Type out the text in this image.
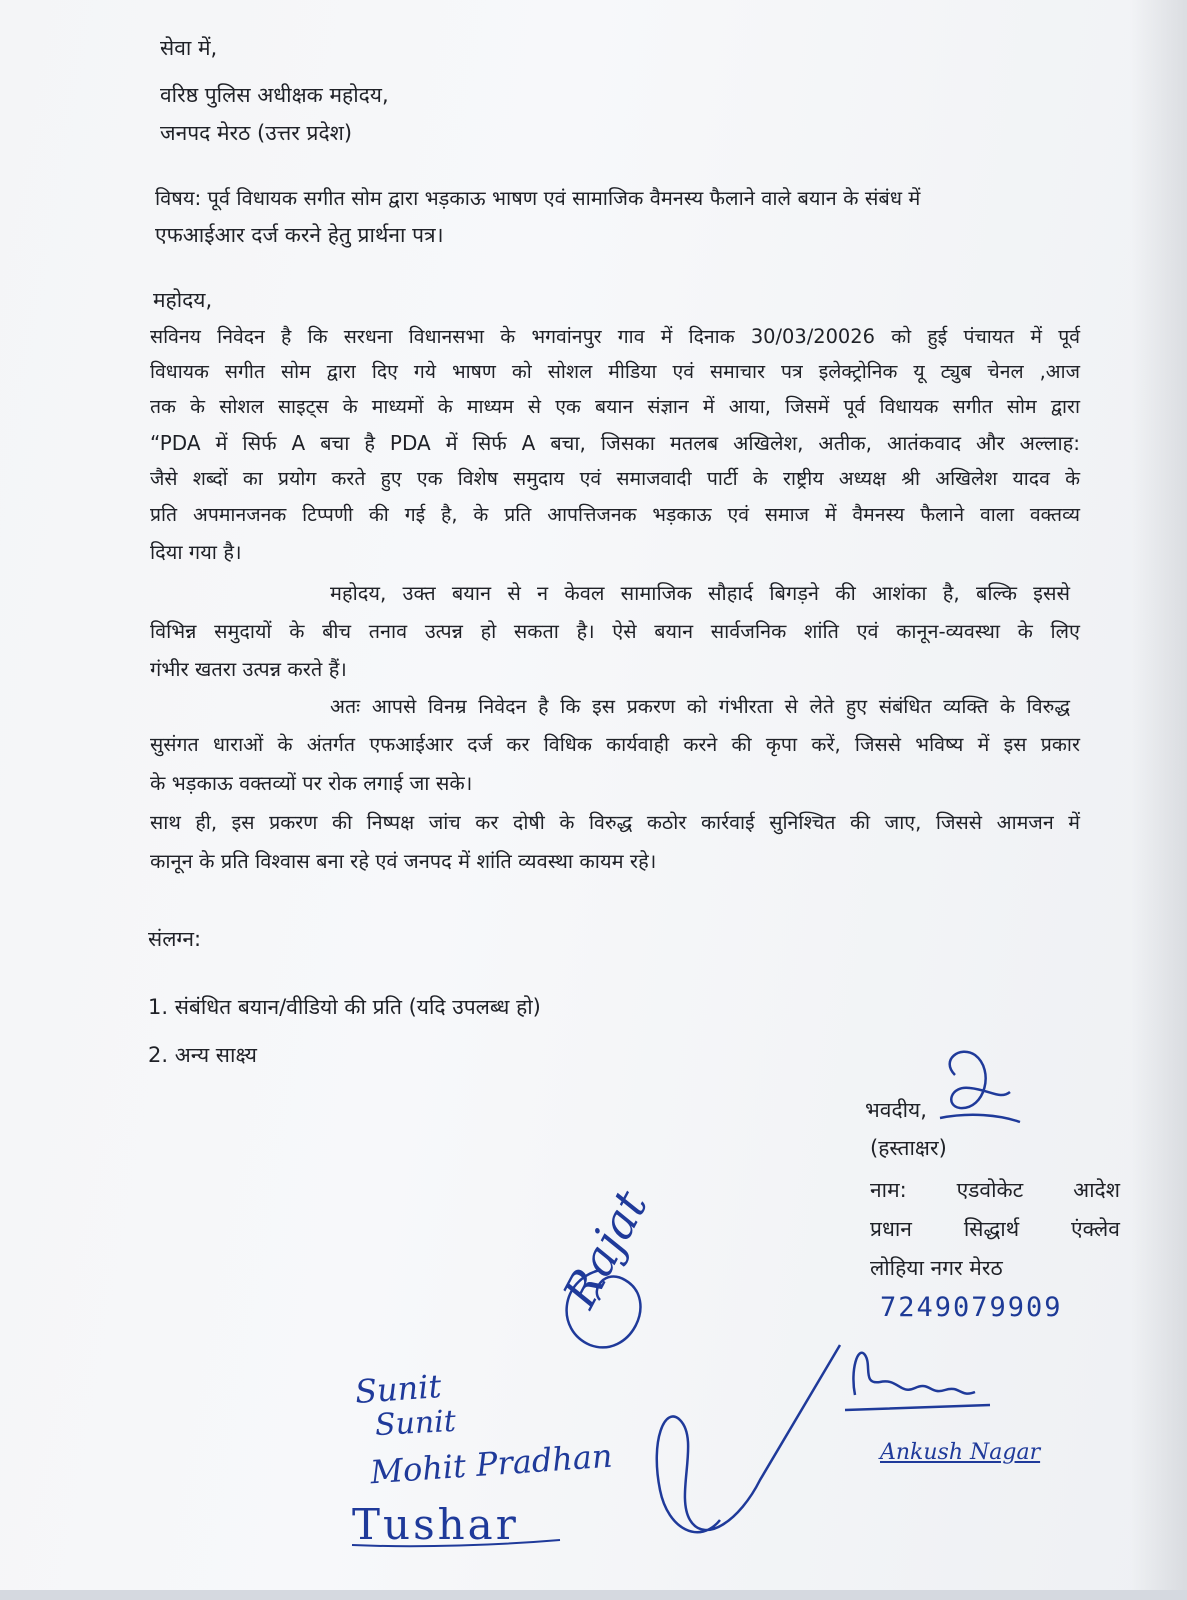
सेवा में,
वरिष्ठ पुलिस अधीक्षक महोदय,
जनपद मेरठ (उत्तर प्रदेश)
विषय: पूर्व विधायक सगीत सोम द्वारा भड़काऊ भाषण एवं सामाजिक वैमनस्य फैलाने वाले बयान के संबंध में
एफआईआर दर्ज करने हेतु प्रार्थना पत्र।
महोदय,
सविनय निवेदन है कि सरधना विधानसभा के भगवांनपुर गाव में दिनाक 30/03/20026 को हुई पंचायत में पूर्व
विधायक सगीत सोम द्वारा दिए गये भाषण को सोशल मीडिया एवं समाचार पत्र इलेक्ट्रोनिक यू ट्युब चेनल ,आज
तक के सोशल साइट्स के माध्यमों के माध्यम से एक बयान संज्ञान में आया, जिसमें पूर्व विधायक सगीत सोम द्वारा
“PDA में सिर्फ A बचा है PDA में सिर्फ A बचा, जिसका मतलब अखिलेश, अतीक, आतंकवाद और अल्लाह:
जैसे शब्दों का प्रयोग करते हुए एक विशेष समुदाय एवं समाजवादी पार्टी के राष्ट्रीय अध्यक्ष श्री अखिलेश यादव के
प्रति अपमानजनक टिप्पणी की गई है, के प्रति आपत्तिजनक भड़काऊ एवं समाज में वैमनस्य फैलाने वाला वक्तव्य
दिया गया है।
महोदय, उक्त बयान से न केवल सामाजिक सौहार्द बिगड़ने की आशंका है, बल्कि इससे
विभिन्न समुदायों के बीच तनाव उत्पन्न हो सकता है। ऐसे बयान सार्वजनिक शांति एवं कानून-व्यवस्था के लिए
गंभीर खतरा उत्पन्न करते हैं।
अतः आपसे विनम्र निवेदन है कि इस प्रकरण को गंभीरता से लेते हुए संबंधित व्यक्ति के विरुद्ध
सुसंगत धाराओं के अंतर्गत एफआईआर दर्ज कर विधिक कार्यवाही करने की कृपा करें, जिससे भविष्य में इस प्रकार
के भड़काऊ वक्तव्यों पर रोक लगाई जा सके।
साथ ही, इस प्रकरण की निष्पक्ष जांच कर दोषी के विरुद्ध कठोर कार्रवाई सुनिश्चित की जाए, जिससे आमजन में
कानून के प्रति विश्वास बना रहे एवं जनपद में शांति व्यवस्था कायम रहे।
संलग्न:
1. संबंधित बयान/वीडियो की प्रति (यदि उपलब्ध हो)
2. अन्य साक्ष्य
भवदीय,
(हस्ताक्षर)
नाम: एडवोकेट आदेश
प्रधान सिद्धार्थ एंक्लेव
लोहिया नगर मेरठ
7249079909
Sunit
Sunit
Mohit Pradhan
Tushar
Rajat
Ankush Nagar
